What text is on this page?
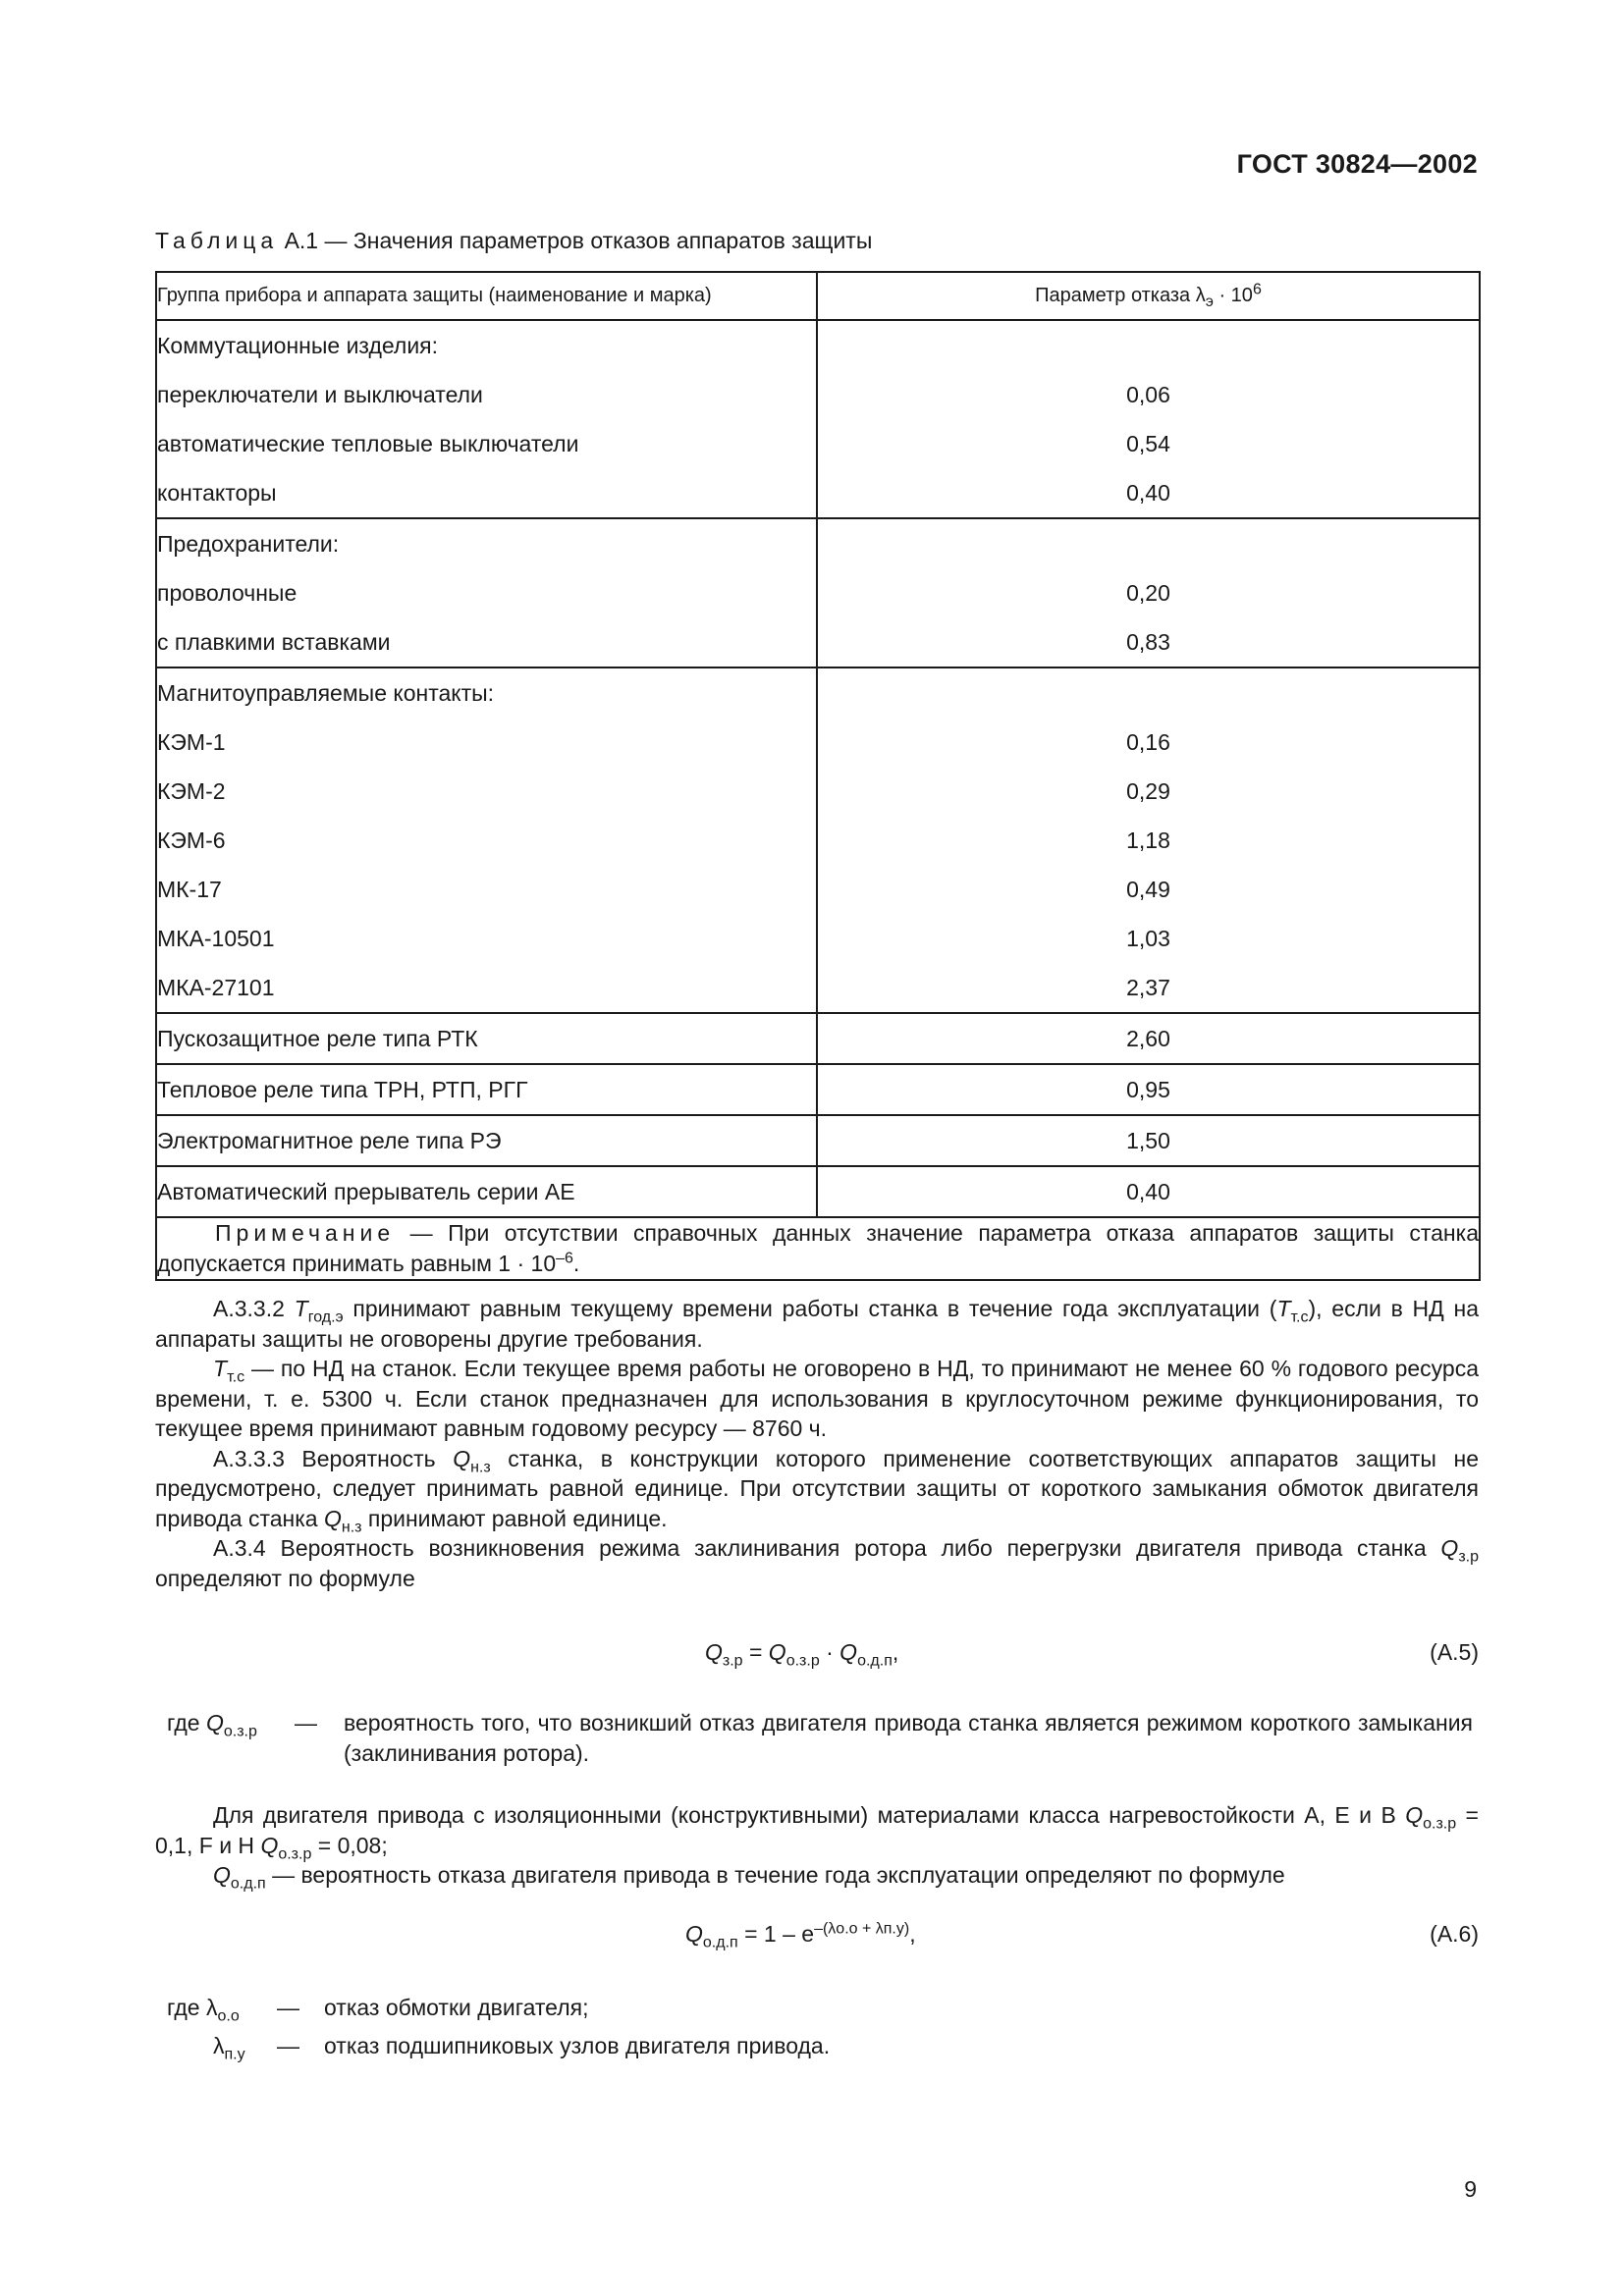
ГОСТ 30824—2002
Таблица А.1 — Значения параметров отказов аппаратов защиты
Группа прибора и аппарата защиты (наименование и марка)	Параметр отказа $\lambda_э \cdot 10^6$
Коммутационные изделия:	
переключатели и выключатели	0,06
автоматические тепловые выключатели	0,54
контакторы	0,40
Предохранители:	
проволочные	0,20
с плавкими вставками	0,83
Магнитоуправляемые контакты:	
КЭМ-1	0,16
КЭМ-2	0,29
КЭМ-6	1,18
МК-17	0,49
МКА-10501	1,03
МКА-27101	2,37
Пускозащитное реле типа РТК	2,60
Тепловое реле типа ТРН, РТП, РГГ	0,95
Электромагнитное реле типа РЭ	1,50
Автоматический прерыватель серии АЕ	0,40
Примечание — При отсутствии справочных данных значение параметра отказа аппаратов защиты станка допускается принимать равным $1 \cdot 10^{-6}$.	
А.3.3.2 $T_{год.э}$ принимают равным текущему времени работы станка в течение года эксплуатации $(T_{т.с})$, если в НД на аппараты защиты не оговорены другие требования.
$T_{т.с}$ — по НД на станок. Если текущее время работы не оговорено в НД, то принимают не менее 60 % годового ресурса времени, т. е. 5300 ч. Если станок предназначен для использования в круглосуточном режиме функционирования, то текущее время принимают равным годовому ресурсу — 8760 ч.
А.3.3.3 Вероятность $Q_{н.з}$ станка, в конструкции которого применение соответствующих аппаратов защиты не предусмотрено, следует принимать равной единице. При отсутствии защиты от короткого замыкания обмоток двигателя привода станка $Q_{н.з}$ принимают равной единице.
А.3.4 Вероятность возникновения режима заклинивания ротора либо перегрузки двигателя привода станка $Q_{з.р}$ определяют по формуле
$Q_{з.р} = Q_{о.з.р} \cdot Q_{о.д.п}$,	(А.5)
где $Q_{о.з.р}$ — вероятность того, что возникший отказ двигателя привода станка является режимом короткого замыкания (заклинивания ротора).
Для двигателя привода с изоляционными (конструктивными) материалами класса нагревостойкости А, Е и В $Q_{о.з.р} = 0,1$, F и H $Q_{о.з.р} = 0,08$;
$Q_{о.д.п}$ — вероятность отказа двигателя привода в течение года эксплуатации определяют по формуле
$Q_{о.д.п} = 1 - e^{-(\lambda о.о + \lambda п.у)}$,	(А.6)
где $\lambda_{о.о}$ — отказ обмотки двигателя;
$\lambda_{п.у}$ — отказ подшипниковых узлов двигателя привода.
9
